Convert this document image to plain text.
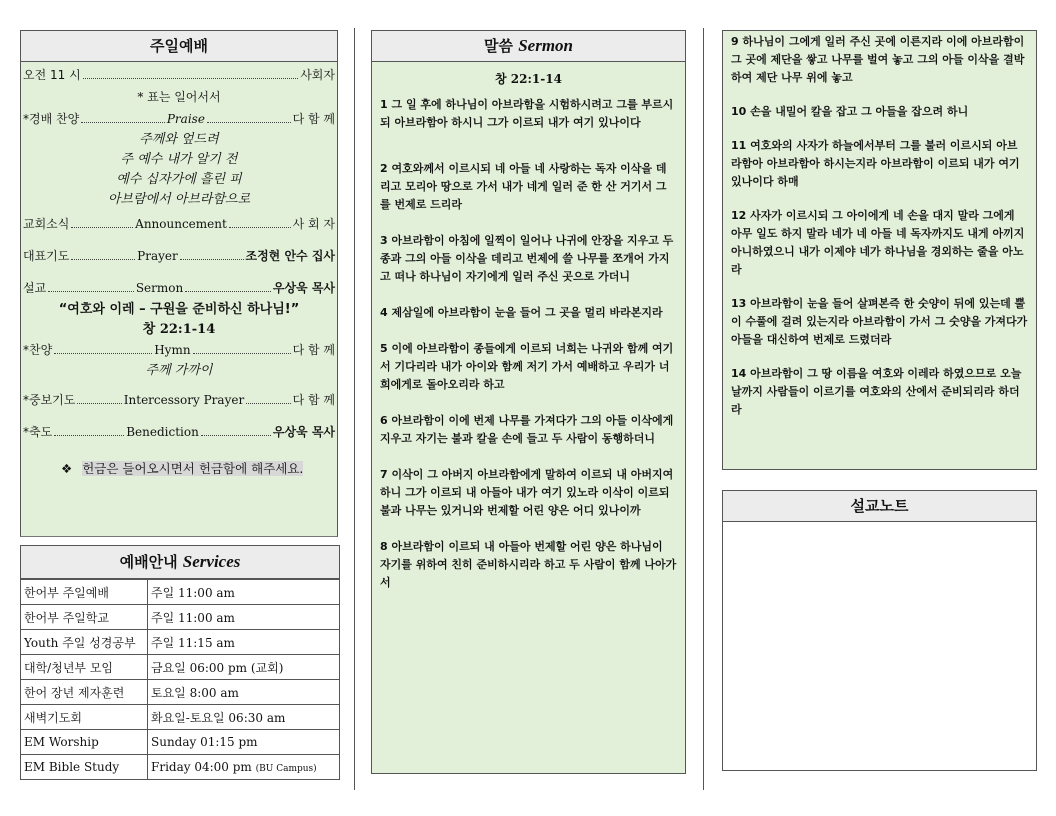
주일예배
오전 11 시	사회자
* 표는 일어서서
*경배 찬양	Praise	다 함 께
주께와 엎드려
주 예수 내가 알기 전
예수 십자가에 흘린 피
아브람에서 아브라함으로
교회소식	Announcement	사 회 자
대표기도	Prayer	조정현 안수 집사
설교	Sermon	우상욱 목사
“여호와 이레 – 구원을 준비하신 하나님!”
창 22:1-14
*찬양	Hymn	다 함 께
주께 가까이
*중보기도	Intercessory Prayer	다 함 께
*축도	Benediction	우상욱 목사
❖ 헌금은 들어오시면서 헌금함에 해주세요.
예배안내 Services
한어부 주일예배	주일 11:00 am
한어부 주일학교	주일 11:00 am
Youth 주일 성경공부	주일 11:15 am
대학/청년부 모임	금요일 06:00 pm (교회)
한어 장년 제자훈련	토요일 8:00 am
새벽기도회	화요일-토요일 06:30 am
EM Worship	Sunday 01:15 pm
EM Bible Study	Friday 04:00 pm (BU Campus)
말씀 Sermon
창 22:1-14

1 그 일 후에 하나님이 아브라함을 시험하시려고 그를 부르시되 아브라함아 하시니 그가 이르되 내가 여기 있나이다

2 여호와께서 이르시되 네 아들 네 사랑하는 독자 이삭을 데리고 모리아 땅으로 가서 내가 네게 일러 준 한 산 거기서 그를 번제로 드리라

3 아브라함이 아침에 일찍이 일어나 나귀에 안장을 지우고 두 종과 그의 아들 이삭을 데리고 번제에 쓸 나무를 쪼개어 가지고 떠나 하나님이 자기에게 일러 주신 곳으로 가더니

4 제삼일에 아브라함이 눈을 들어 그 곳을 멀리 바라본지라

5 이에 아브라함이 종들에게 이르되 너희는 나귀와 함께 여기서 기다리라 내가 아이와 함께 저기 가서 예배하고 우리가 너희에게로 돌아오리라 하고

6 아브라함이 이에 번제 나무를 가져다가 그의 아들 이삭에게 지우고 자기는 불과 칼을 손에 들고 두 사람이 동행하더니

7 이삭이 그 아버지 아브라함에게 말하여 이르되 내 아버지여 하니 그가 이르되 내 아들아 내가 여기 있노라 이삭이 이르되 불과 나무는 있거니와 번제할 어린 양은 어디 있나이까

8 아브라함이 이르되 내 아들아 번제할 어린 양은 하나님이 자기를 위하여 친히 준비하시리라 하고 두 사람이 함께 나아가서

9 하나님이 그에게 일러 주신 곳에 이른지라 이에 아브라함이 그 곳에 제단을 쌓고 나무를 벌여 놓고 그의 아들 이삭을 결박하여 제단 나무 위에 놓고

10 손을 내밀어 칼을 잡고 그 아들을 잡으려 하니

11 여호와의 사자가 하늘에서부터 그를 불러 이르시되 아브라함아 아브라함아 하시는지라 아브라함이 이르되 내가 여기 있나이다 하매

12 사자가 이르시되 그 아이에게 네 손을 대지 말라 그에게 아무 일도 하지 말라 네가 네 아들 네 독자까지도 내게 아끼지 아니하였으니 내가 이제야 네가 하나님을 경외하는 줄을 아노라

13 아브라함이 눈을 들어 살펴본즉 한 숫양이 뒤에 있는데 뿔이 수풀에 걸려 있는지라 아브라함이 가서 그 숫양을 가져다가 아들을 대신하여 번제로 드렸더라

14 아브라함이 그 땅 이름을 여호와 이레라 하였으므로 오늘날까지 사람들이 이르기를 여호와의 산에서 준비되리라 하더라

설교노트
